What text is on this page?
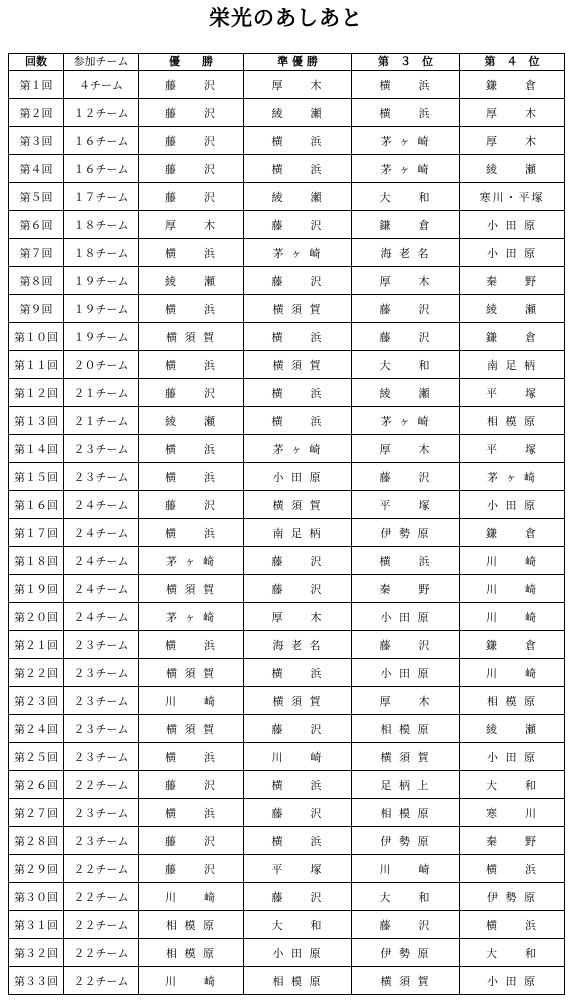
栄光のあしあと
回数	参加チーム	優　　勝	準 優 勝	第　３　位	第　４　位
第１回	４チーム	藤　　沢	厚　　木	横　　浜	鎌　　倉
第２回	１２チーム	藤　　沢	綾　　瀬	横　　浜	厚　　木
第３回	１６チーム	藤　　沢	横　　浜	茅 ヶ 崎	厚　　木
第４回	１６チーム	藤　　沢	横　　浜	茅 ヶ 崎	綾　　瀬
第５回	１７チーム	藤　　沢	綾　　瀬	大　　和	寒川・平塚
第６回	１８チーム	厚　　木	藤　　沢	鎌　　倉	小 田 原
第７回	１８チーム	横　　浜	茅 ヶ 崎	海 老 名	小 田 原
第８回	１９チーム	綾　　瀬	藤　　沢	厚　　木	秦　　野
第９回	１９チーム	横　　浜	横 須 賀	藤　　沢	綾　　瀬
第１０回	１９チーム	横 須 賀	横　　浜	藤　　沢	鎌　　倉
第１１回	２０チーム	横　　浜	横 須 賀	大　　和	南 足 柄
第１２回	２１チーム	藤　　沢	横　　浜	綾　　瀬	平　　塚
第１３回	２１チーム	綾　　瀬	横　　浜	茅 ヶ 崎	相 模 原
第１４回	２３チーム	横　　浜	茅 ヶ 崎	厚　　木	平　　塚
第１５回	２３チーム	横　　浜	小 田 原	藤　　沢	茅 ヶ 崎
第１６回	２４チーム	藤　　沢	横 須 賀	平　　塚	小 田 原
第１７回	２４チーム	横　　浜	南 足 柄	伊 勢 原	鎌　　倉
第１８回	２４チーム	茅 ヶ 崎	藤　　沢	横　　浜	川　　崎
第１９回	２４チーム	横 須 賀	藤　　沢	秦　　野	川　　崎
第２０回	２４チーム	茅 ヶ 崎	厚　　木	小 田 原	川　　崎
第２１回	２３チーム	横　　浜	海 老 名	藤　　沢	鎌　　倉
第２２回	２３チーム	横 須 賀	横　　浜	小 田 原	川　　崎
第２３回	２３チーム	川　　崎	横 須 賀	厚　　木	相 模 原
第２４回	２３チーム	横 須 賀	藤　　沢	相 模 原	綾　　瀬
第２５回	２３チーム	横　　浜	川　　崎	横 須 賀	小 田 原
第２６回	２２チーム	藤　　沢	横　　浜	足 柄 上	大　　和
第２７回	２３チーム	横　　浜	藤　　沢	相 模 原	寒　　川
第２８回	２３チーム	藤　　沢	横　　浜	伊 勢 原	秦　　野
第２９回	２２チーム	藤　　沢	平　　塚	川　　崎	横　　浜
第３０回	２２チーム	川　　崎	藤　　沢	大　　和	伊 勢 原
第３１回	２２チーム	相 模 原	大　　和	藤　　沢	横　　浜
第３２回	２２チーム	相 模 原	小 田 原	伊 勢 原	大　　和
第３３回	２２チーム	川　　崎	相 模 原	横 須 賀	小 田 原
